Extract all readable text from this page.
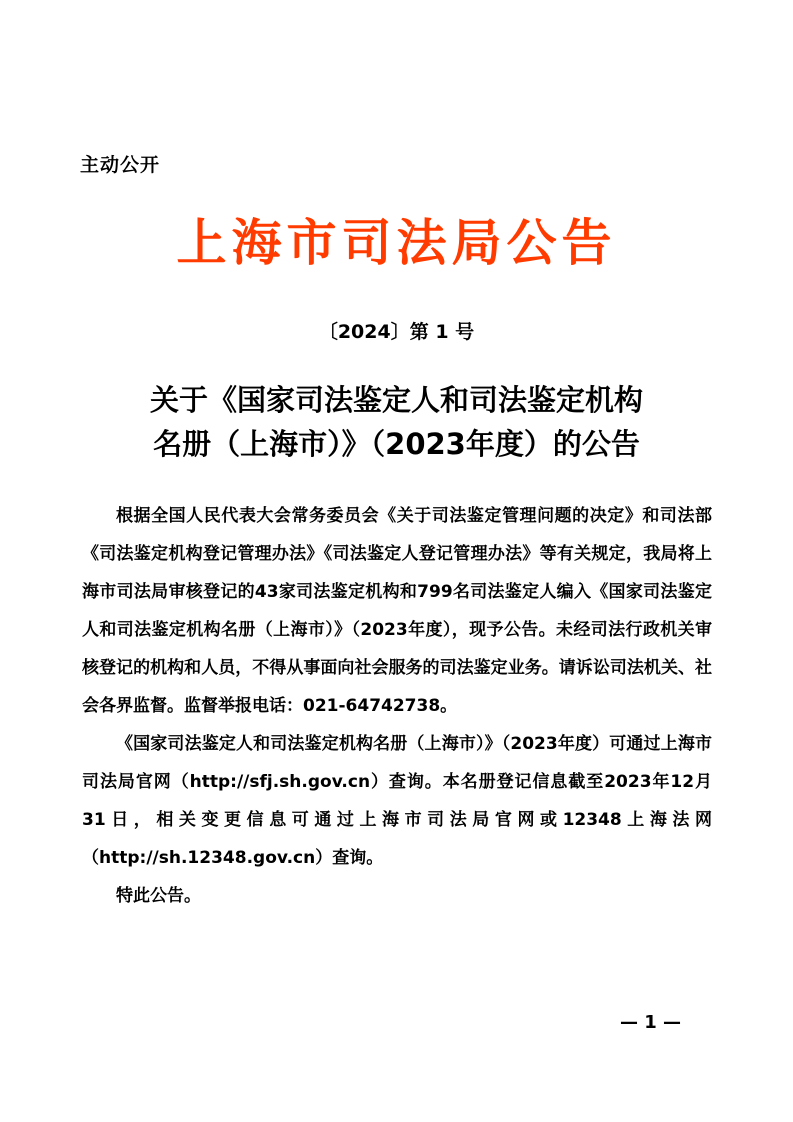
主动公开
上海市司法局公告
〔2024〕第 1 号
关于《国家司法鉴定人和司法鉴定机构
名册（上海市）》（2023年度）的公告

根据全国人民代表大会常务委员会《关于司法鉴定管理问题的决定》和司法部《司法鉴定机构登记管理办法》《司法鉴定人登记管理办法》等有关规定，我局将上海市司法局审核登记的43家司法鉴定机构和799名司法鉴定人编入《国家司法鉴定人和司法鉴定机构名册（上海市）》（2023年度），现予公告。未经司法行政机关审核登记的机构和人员，不得从事面向社会服务的司法鉴定业务。请诉讼司法机关、社会各界监督。监督举报电话：021-64742738。

《国家司法鉴定人和司法鉴定机构名册（上海市）》（2023年度）可通过上海市司法局官网（http://sfj.sh.gov.cn）查询。本名册登记信息截至2023年12月31日，相关变更信息可通过上海市司法局官网或12348上海法网（http://sh.12348.gov.cn）查询。

特此公告。

— 1 —
